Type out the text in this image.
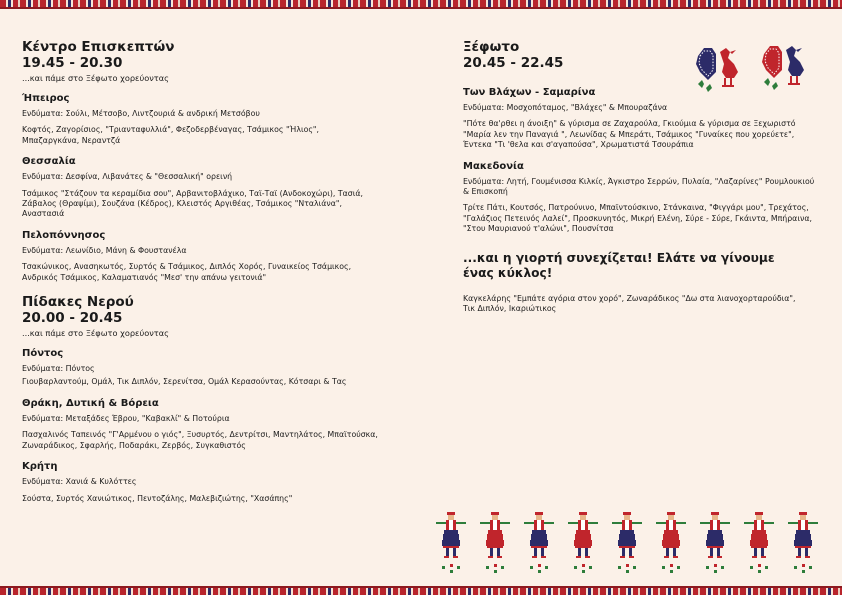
Κέντρο Επισκεπτών
19.45 - 20.30
...και πάμε στο Ξέφωτο χορεύοντας
Ήπειρος
Ενδύματα: Σούλι, Μέτσοβο, Λιντζουριά & ανδρική Μετσόβου
Κοφτός, Ζαγορίσιος, "Τριανταφυλλιά", Φεζοδερβέναγας, Τσάμικος "Ήλιος",
Μπαζαργκάνα, Νεραντζά
Θεσσαλία
Ενδύματα: Δεσφίνα, Λιβανάτες & "Θεσσαλική" ορεινή
Τσάμικος "Στάζουν τα κεραμίδια σου", Αρβανιτοβλάχικο, Ταϊ-Ταϊ (Ανδοκοχώρι), Τασιά,
Ζάβαλος (Θραψίμι), Σουζάνα (Κέδρος), Κλειστός Αργιθέας, Τσάμικος "Νταλιάνα",
Αναστασιά
Πελοπόννησος
Ενδύματα: Λεωνίδιο, Μάνη & Φουστανέλα
Τσακώνικος, Ανασηκωτός, Συρτός & Τσάμικος, Διπλός Χορός, Γυναικείος Τσάμικος,
Ανδρικός Τσάμικος, Καλαματιανός "Μεσ' την απάνω γειτονιά"
Πίδακες Νερού
20.00 - 20.45
...και πάμε στο Ξέφωτο χορεύοντας
Πόντος
Ενδύματα: Πόντος
Γιουβαρλαντούμ, Ομάλ, Τικ Διπλόν, Σερενίτσα, Ομάλ Κερασούντας, Κότσαρι & Τας
Θράκη, Δυτική & Βόρεια
Ενδύματα: Μεταξάδες Έβρου, "Καβακλί" & Ποτούρια
Πασχαλινός Ταπεινός "Γ'Αρμένου ο γιός", Ξυσυρτός, Δεντρίτσι, Μαντηλάτος, Μπαϊτούσκα,
Ζωναράδικος, Σφαρλής, Ποδαράκι, Ζερβός, Συγκαθιστός
Κρήτη
Ενδύματα: Χανιά & Κυλόττες
Σούστα, Συρτός Χανιώτικος, Πεντοζάλης, Μαλεβιζιώτης, "Χασάπης"
Ξέφωτο
20.45 - 22.45
Των Βλάχων - Σαμαρίνα
Ενδύματα: Μοσχοπόταμος, "Βλάχες" & Μπουραζάνα
"Πότε θα'ρθει η άνοιξη" & γύρισμα σε Ζαχαρούλα, Γκιούμια & γύρισμα σε Ξεχωριστό
"Μαρία λεν την Παναγιά ", Λεωνίδας & Μπεράτι, Τσάμικος "Γυναίκες που χορεύετε",
Έντεκα "Τι 'θελα και σ'αγαπούσα", Χρωματιστά Τσουράπια
Μακεδονία
Ενδύματα: Λητή, Γουμένισσα Κιλκίς, Άγκιστρο Σερρών, Πυλαία, "Λαζαρίνες" Ρουμλουκιού
& Επισκοπή
Τρίτε Πάτι, Κουτσός, Πατρούνινο, Μπαϊντούσκινο, Στάνκαινα, "Φιγγάρι μου", Τρεχάτος,
"Γαλάζιος Πετεινός Λαλεί", Προσκυνητός, Μικρή Ελένη, Σύρε - Σύρε, Γκάιντα, Μπήραινα,
"Στου Μαυριανού τ'αλώνι", Πουσνίτσα
...και η γιορτή συνεχίζεται! Ελάτε να γίνουμε
ένας κύκλος!
Καγκελάρης "Εμπάτε αγόρια στον χορό", Ζωναράδικος "Δω στα λιανοχορταρούδια",
Τικ Διπλόν, Ικαριώτικος
